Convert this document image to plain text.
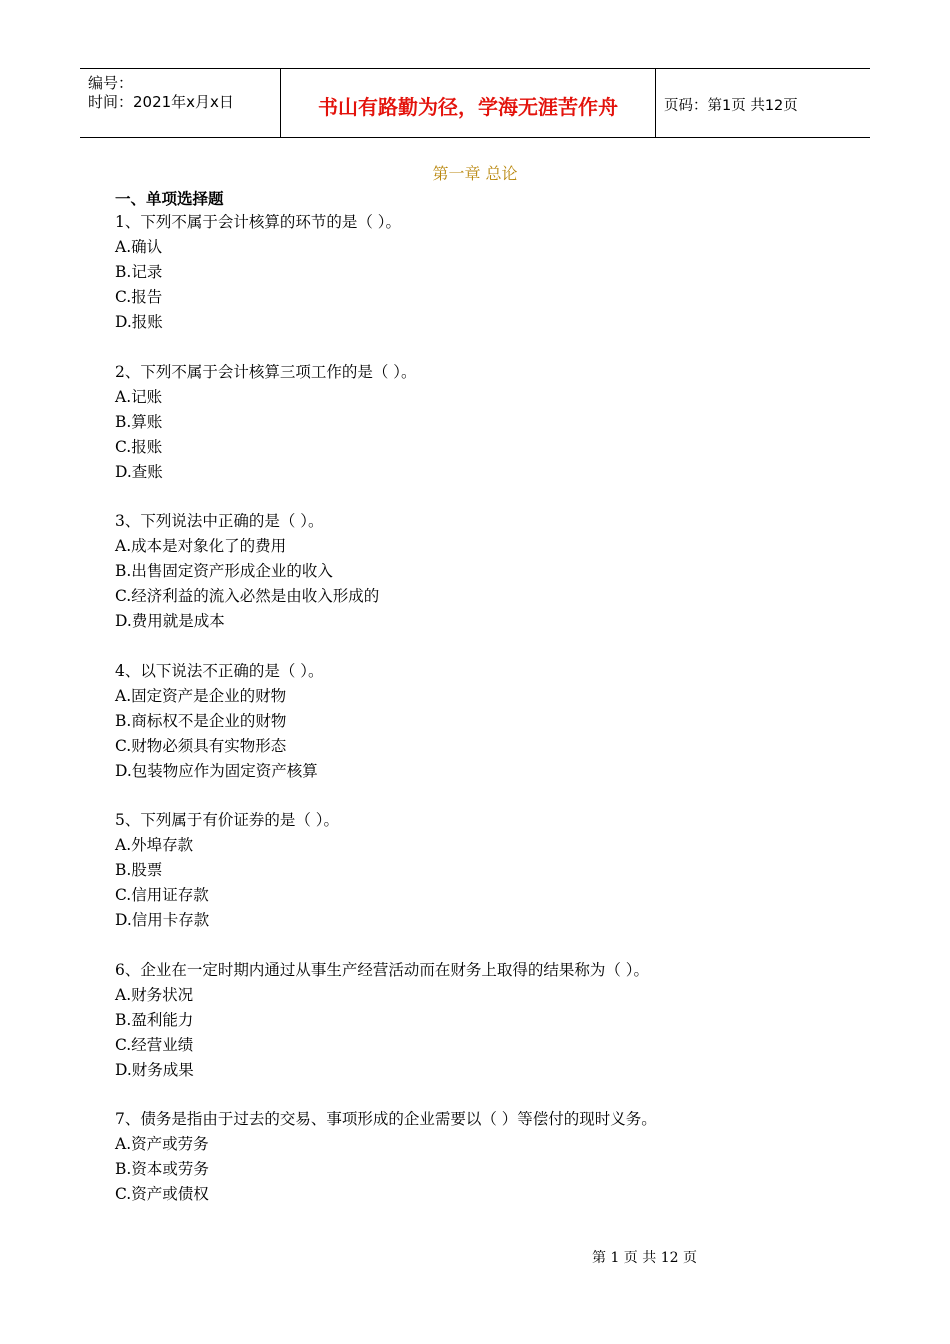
编号：
时间：2021年x月x日	书山有路勤为径，学海无涯苦作舟	页码：第1页 共12页
第一章 总论
一、单项选择题
1、下列不属于会计核算的环节的是（ ）。
A.确认
B.记录
C.报告
D.报账
2、下列不属于会计核算三项工作的是（ ）。
A.记账
B.算账
C.报账
D.查账
3、下列说法中正确的是（ ）。
A.成本是对象化了的费用
B.出售固定资产形成企业的收入
C.经济利益的流入必然是由收入形成的
D.费用就是成本
4、以下说法不正确的是（ ）。
A.固定资产是企业的财物
B.商标权不是企业的财物
C.财物必须具有实物形态
D.包装物应作为固定资产核算
5、下列属于有价证券的是（ ）。
A.外埠存款
B.股票
C.信用证存款
D.信用卡存款
6、企业在一定时期内通过从事生产经营活动而在财务上取得的结果称为（ ）。
A.财务状况
B.盈利能力
C.经营业绩
D.财务成果
7、债务是指由于过去的交易、事项形成的企业需要以（ ）等偿付的现时义务。
A.资产或劳务
B.资本或劳务
C.资产或债权
第 1 页 共 12 页
